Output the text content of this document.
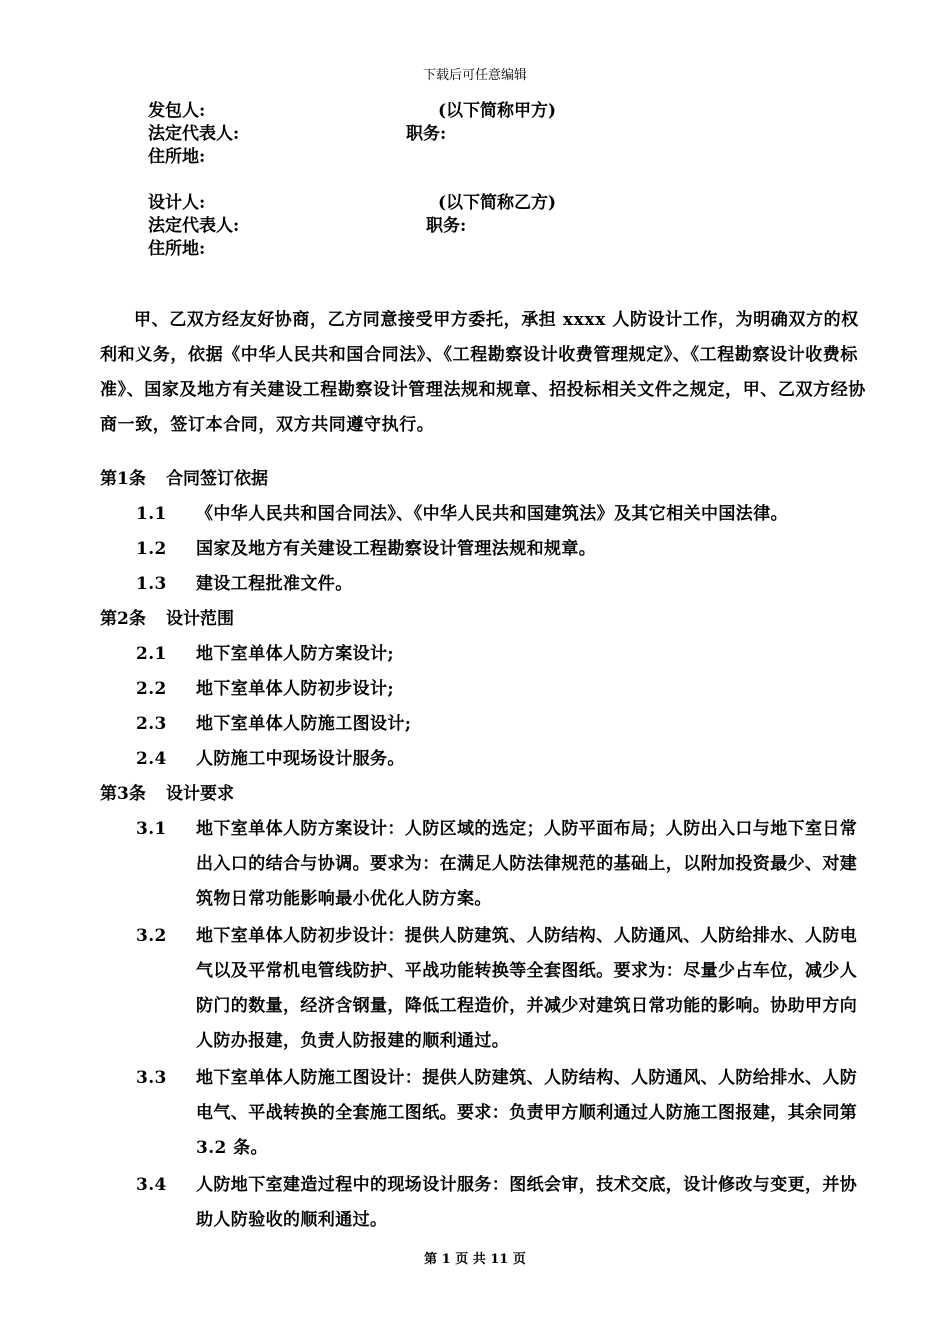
下载后可任意编辑
发包人:	(以下简称甲方)
法定代表人:	职务:
住所地:
设计人:	(以下简称乙方)
法定代表人:	职务:
住所地:
甲、乙双方经友好协商，乙方同意接受甲方委托，承担 xxxx 人防设计工作，为明确双方的权利和义务，依据《中华人民共和国合同法》、《工程勘察设计收费管理规定》、《工程勘察设计收费标准》、国家及地方有关建设工程勘察设计管理法规和规章、招投标相关文件之规定，甲、乙双方经协商一致，签订本合同，双方共同遵守执行。
第1条 合同签订依据
1.1	《中华人民共和国合同法》、《中华人民共和国建筑法》及其它相关中国法律。
1.2	国家及地方有关建设工程勘察设计管理法规和规章。
1.3	建设工程批准文件。
第2条 设计范围
2.1	地下室单体人防方案设计;
2.2	地下室单体人防初步设计;
2.3	地下室单体人防施工图设计;
2.4	人防施工中现场设计服务。
第3条 设计要求
3.1	地下室单体人防方案设计：人防区域的选定；人防平面布局；人防出入口与地下室日常出入口的结合与协调。要求为：在满足人防法律规范的基础上，以附加投资最少、对建筑物日常功能影响最小优化人防方案。
3.2	地下室单体人防初步设计：提供人防建筑、人防结构、人防通风、人防给排水、人防电气以及平常机电管线防护、平战功能转换等全套图纸。要求为：尽量少占车位，减少人防门的数量，经济含钢量，降低工程造价，并减少对建筑日常功能的影响。协助甲方向人防办报建，负责人防报建的顺利通过。
3.3	地下室单体人防施工图设计：提供人防建筑、人防结构、人防通风、人防给排水、人防电气、平战转换的全套施工图纸。要求：负责甲方顺利通过人防施工图报建，其余同第 3.2 条。
3.4	人防地下室建造过程中的现场设计服务：图纸会审，技术交底，设计修改与变更，并协助人防验收的顺利通过。
第 1 页 共 11 页
